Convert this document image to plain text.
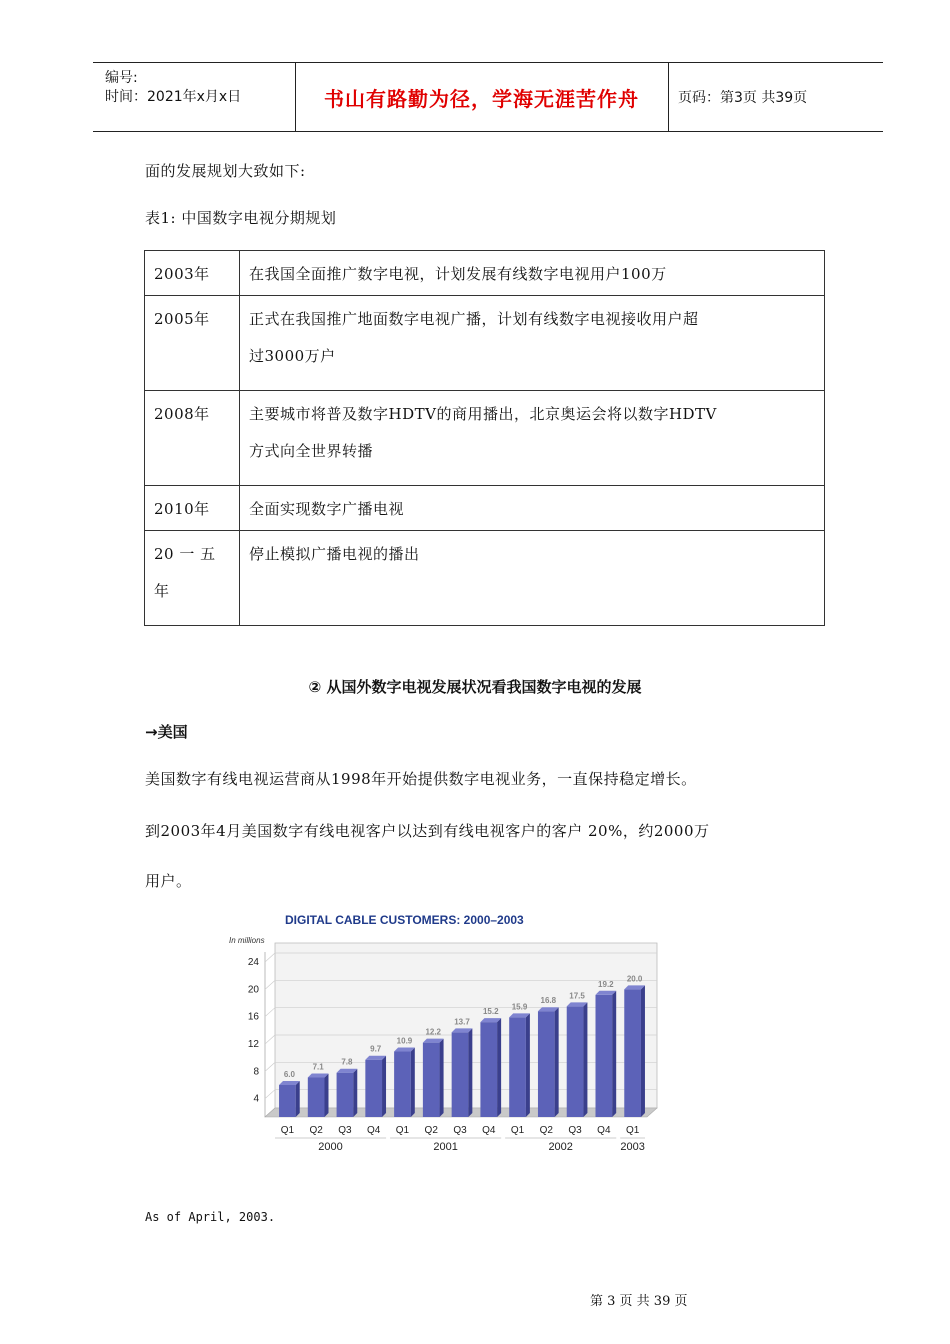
编号:
时间：2021年x月x日	书山有路勤为径，学海无涯苦作舟	页码：第3页 共39页
面的发展规划大致如下:
表1: 中国数字电视分期规划
2003年	在我国全面推广数字电视，计划发展有线数字电视用户100万

2005年	正式在我国推广地面数字电视广播，计划有线数字电视接收用户超
过3000万户

2008年	主要城市将普及数字HDTV的商用播出，北京奥运会将以数字HDTV
方式向全世界转播

2010年	全面实现数字广播电视

20 一 五
年	停止模拟广播电视的播出
② 从国外数字电视发展状况看我国数字电视的发展
→美国
美国数字有线电视运营商从1998年开始提供数字电视业务，一直保持稳定增长。
到2003年4月美国数字有线电视客户以达到有线电视客户的客户 20%，约2000万
用户。
DIGITAL CABLE CUSTOMERS: 2000–2003
In millions
4
8
12
16
20
24
6.0
Q1
7.1
Q2
7.8
Q3
9.7
Q4
10.9
Q1
12.2
Q2
13.7
Q3
15.2
Q4
15.9
Q1
16.8
Q2
17.5
Q3
19.2
Q4
20.0
Q1
2000	2001	2002	2003
As of April, 2003.
第 3 页 共 39 页
